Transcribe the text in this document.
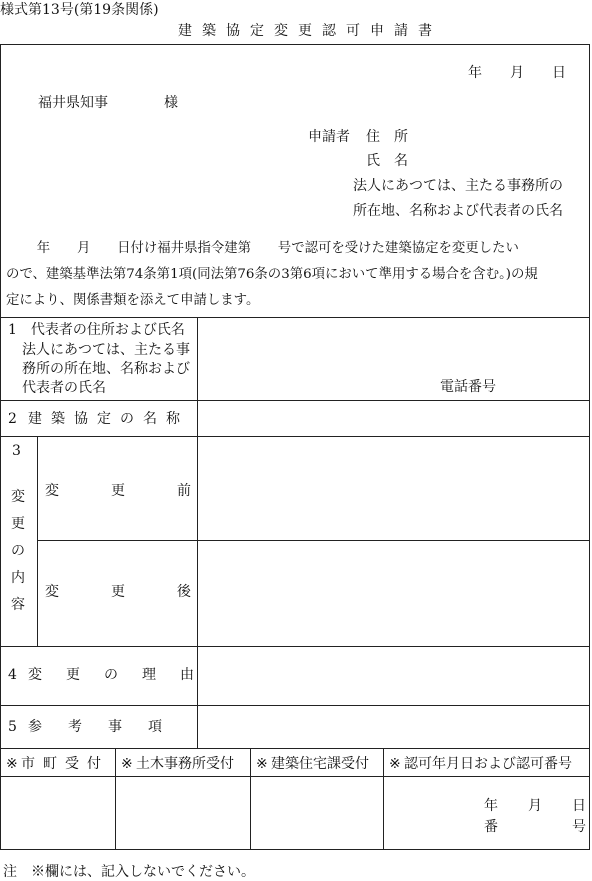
様式第13号(第19条関係)
建築協定変更認可申請書
年　　月　　日
福井県知事　　　　様
申請者 住　所
氏　名
法人にあつては、主たる事務所の
所在地、名称および代表者の氏名
　　年　　月　　日付け福井県指令建第　　号で認可を受けた建築協定を変更したい
ので、建築基準法第74条第1項(同法第76条の3第6項において準用する場合を含む。)の規
定により、関係書類を添えて申請します。
1　代表者の住所および氏名
　法人にあつては、主たる事
　務所の所在地、名称および
　代表者の氏名	電話番号
2 建築協定の名称
3
変更の内容
変更前
変更後
4 変更の理由
5 参考事項
※ 市町受付 ※ 土木事務所受付 ※ 建築住宅課受付 ※ 認可年月日および認可番号
年 月 日
番	号
注　※欄には、記入しないでください。
